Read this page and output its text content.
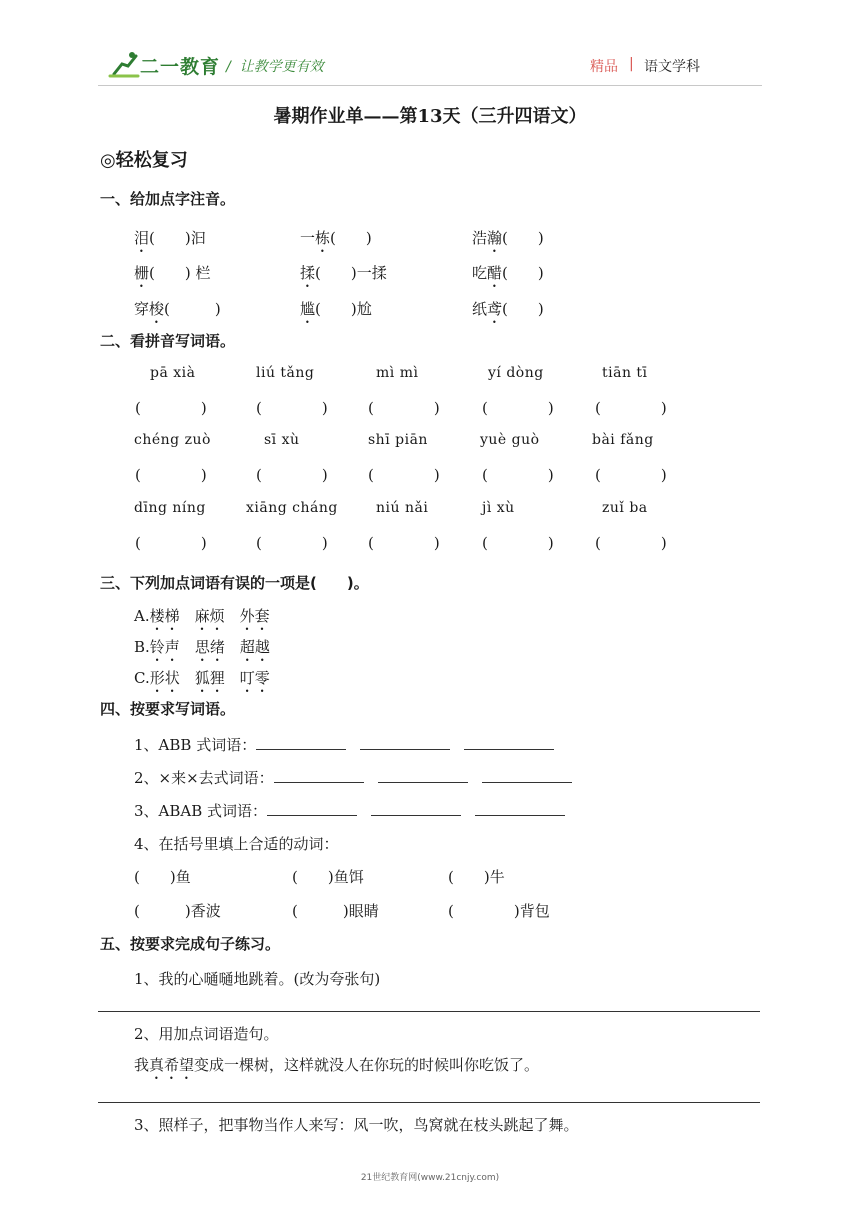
二一教育 / 让教学更有效	精品 | 语文学科
暑期作业单——第13天（三升四语文）
◎轻松复习
一、给加点字注音。
泪(　　)汩	一栋(　　)	浩瀚(　　)
栅(　　) 栏	揉(　　)一揉	吃醋(　　)
穿梭(　　　)	尴(　　)尬	纸鸢(　　)
二、看拼音写词语。
pā xià	liú tǎng	mì mì	yí dòng	tiān tī
(　　　　)	(　　　　)	(　　　　)	(　　　　)	(　　　　)
chéng zuò	sī xù	shī piān	yuè guò	bài fǎng
(　　　　)	(　　　　)	(　　　　)	(　　　　)	(　　　　)
dīng níng	xiāng cháng	niú nǎi	jì xù	zuǐ ba
(　　　　)	(　　　　)	(　　　　)	(　　　　)	(　　　　)
三、下列加点词语有误的一项是(　　)。
A.楼梯　 麻烦　 外套
B.铃声　 思绪　 超越
C.形状　 狐狸　 叮零
四、按要求写词语。
1、ABB 式词语：
2、×来×去式词语：
3、ABAB 式词语：
4、在括号里填上合适的动词：
(　　)鱼	(　　)鱼饵	(　　)牛
(　　　)香波	(　　　)眼睛	(　　　　)背包
五、按要求完成句子练习。
1、我的心嗵嗵地跳着。(改为夸张句)
2、用加点词语造句。
我真希望变成一棵树，这样就没人在你玩的时候叫你吃饭了。
3、照样子，把事物当作人来写：风一吹，鸟窝就在枝头跳起了舞。
21世纪教育网(www.21cnjy.com)
